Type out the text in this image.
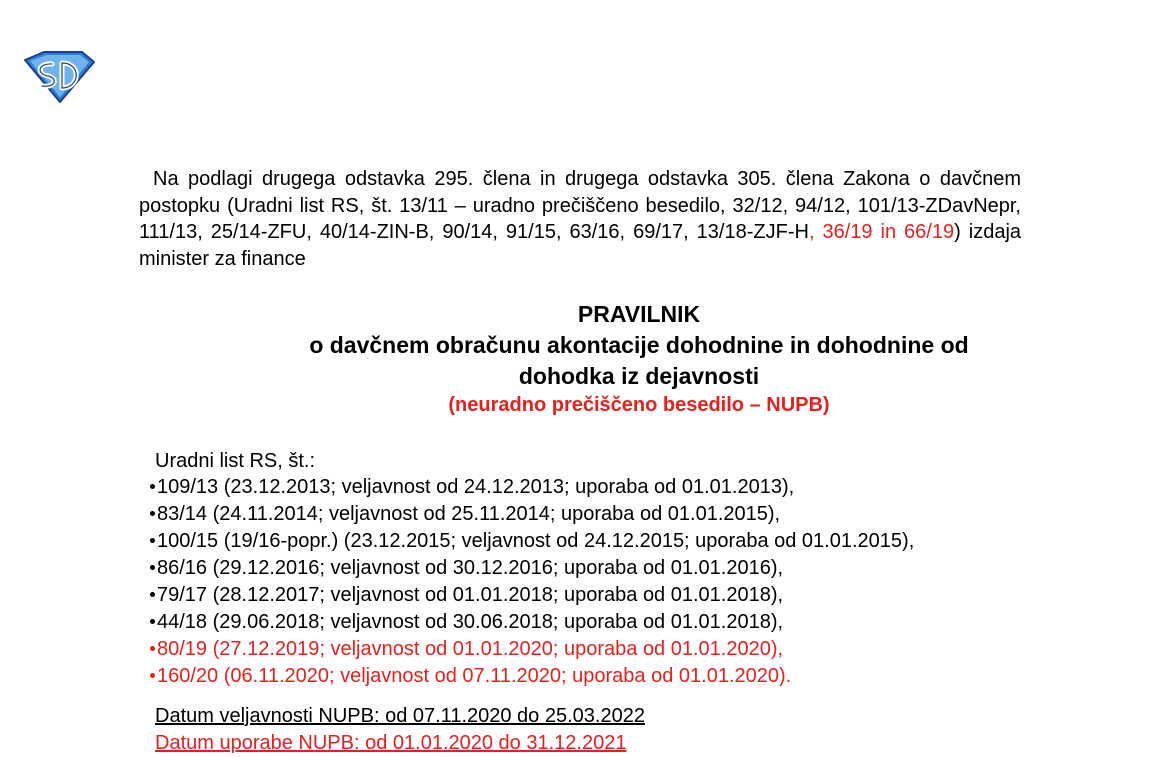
Na podlagi drugega odstavka 295. člena in drugega odstavka 305. člena Zakona o davčnem postopku (Uradni list RS, št. 13/11 – uradno prečiščeno besedilo, 32/12, 94/12, 101/13-ZDavNepr, 111/13, 25/14-ZFU, 40/14-ZIN-B, 90/14, 91/15, 63/16, 69/17, 13/18-ZJF-H, 36/19 in 66/19) izdaja minister za finance
PRAVILNIK
o davčnem obračunu akontacije dohodnine in dohodnine od
dohodka iz dejavnosti
(neuradno prečiščeno besedilo – NUPB)
Uradni list RS, št.:
109/13 (23.12.2013; veljavnost od 24.12.2013; uporaba od 01.01.2013),
83/14 (24.11.2014; veljavnost od 25.11.2014; uporaba od 01.01.2015),
100/15 (19/16-popr.) (23.12.2015; veljavnost od 24.12.2015; uporaba od 01.01.2015),
86/16 (29.12.2016; veljavnost od 30.12.2016; uporaba od 01.01.2016),
79/17 (28.12.2017; veljavnost od 01.01.2018; uporaba od 01.01.2018),
44/18 (29.06.2018; veljavnost od 30.06.2018; uporaba od 01.01.2018),
80/19 (27.12.2019; veljavnost od 01.01.2020; uporaba od 01.01.2020),
160/20 (06.11.2020; veljavnost od 07.11.2020; uporaba od 01.01.2020).
Datum veljavnosti NUPB: od 07.11.2020 do 25.03.2022
Datum uporabe NUPB: od 01.01.2020 do 31.12.2021
